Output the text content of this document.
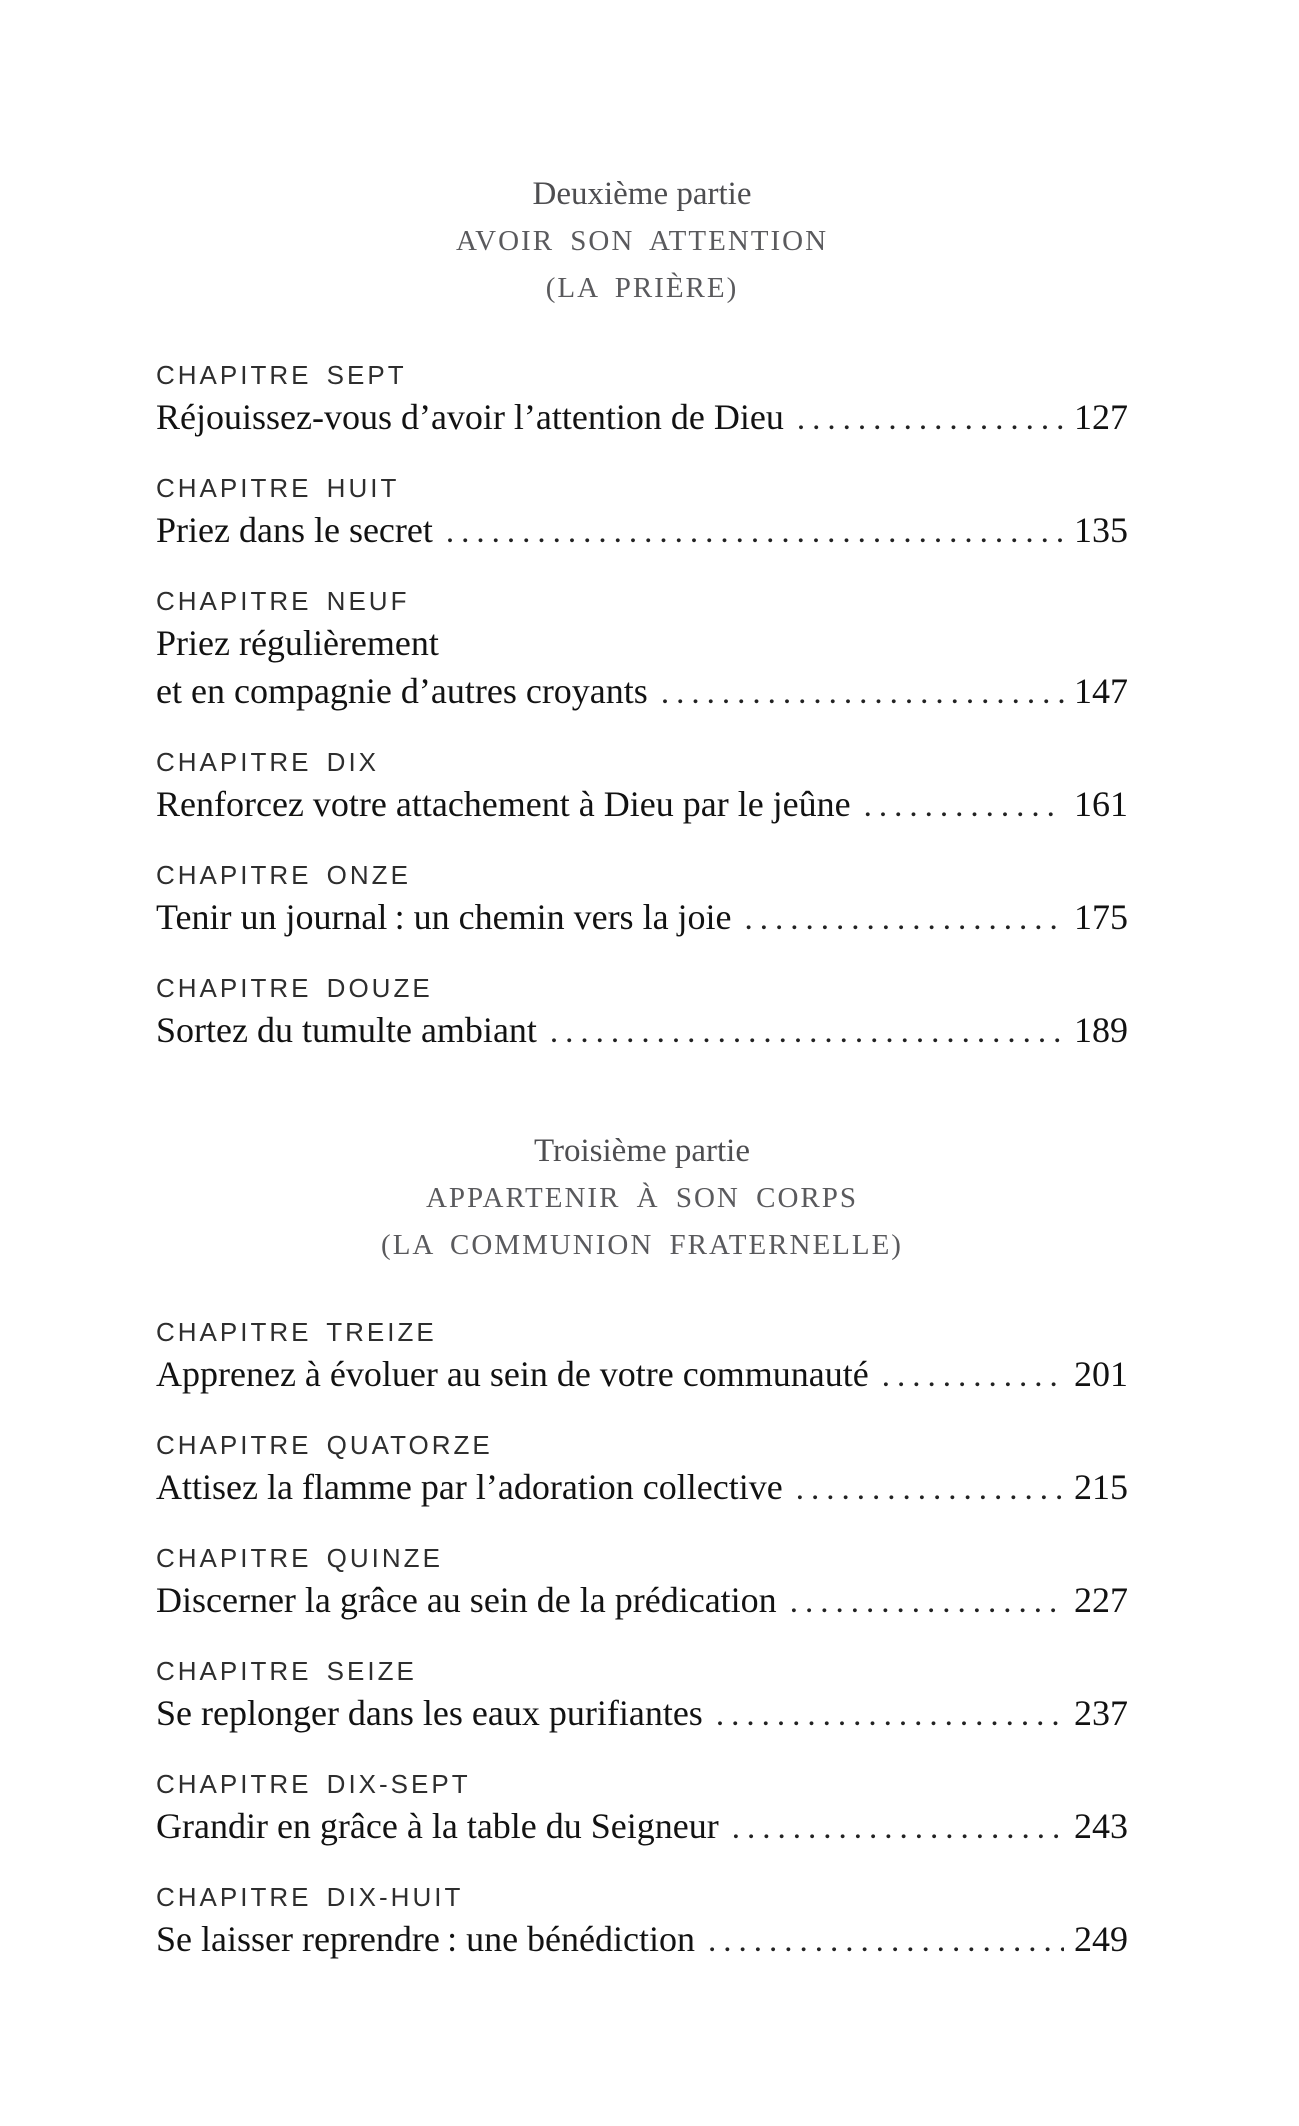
Deuxième partie
AVOIR SON ATTENTION
(LA PRIÈRE)
CHAPITRE SEPT
Réjouissez-vous d’avoir l’attention de Dieu .....	127
CHAPITRE HUIT
Priez dans le secret .....	135
CHAPITRE NEUF
Priez régulièrement
et en compagnie d’autres croyants .....	147
CHAPITRE DIX
Renforcez votre attachement à Dieu par le jeûne .....	161
CHAPITRE ONZE
Tenir un journal : un chemin vers la joie .....	175
CHAPITRE DOUZE
Sortez du tumulte ambiant .....	189
Troisième partie
APPARTENIR À SON CORPS
(LA COMMUNION FRATERNELLE)
CHAPITRE TREIZE
Apprenez à évoluer au sein de votre communauté .....	201
CHAPITRE QUATORZE
Attisez la flamme par l’adoration collective .....	215
CHAPITRE QUINZE
Discerner la grâce au sein de la prédication .....	227
CHAPITRE SEIZE
Se replonger dans les eaux purifiantes .....	237
CHAPITRE DIX-SEPT
Grandir en grâce à la table du Seigneur .....	243
CHAPITRE DIX-HUIT
Se laisser reprendre : une bénédiction .....	249
